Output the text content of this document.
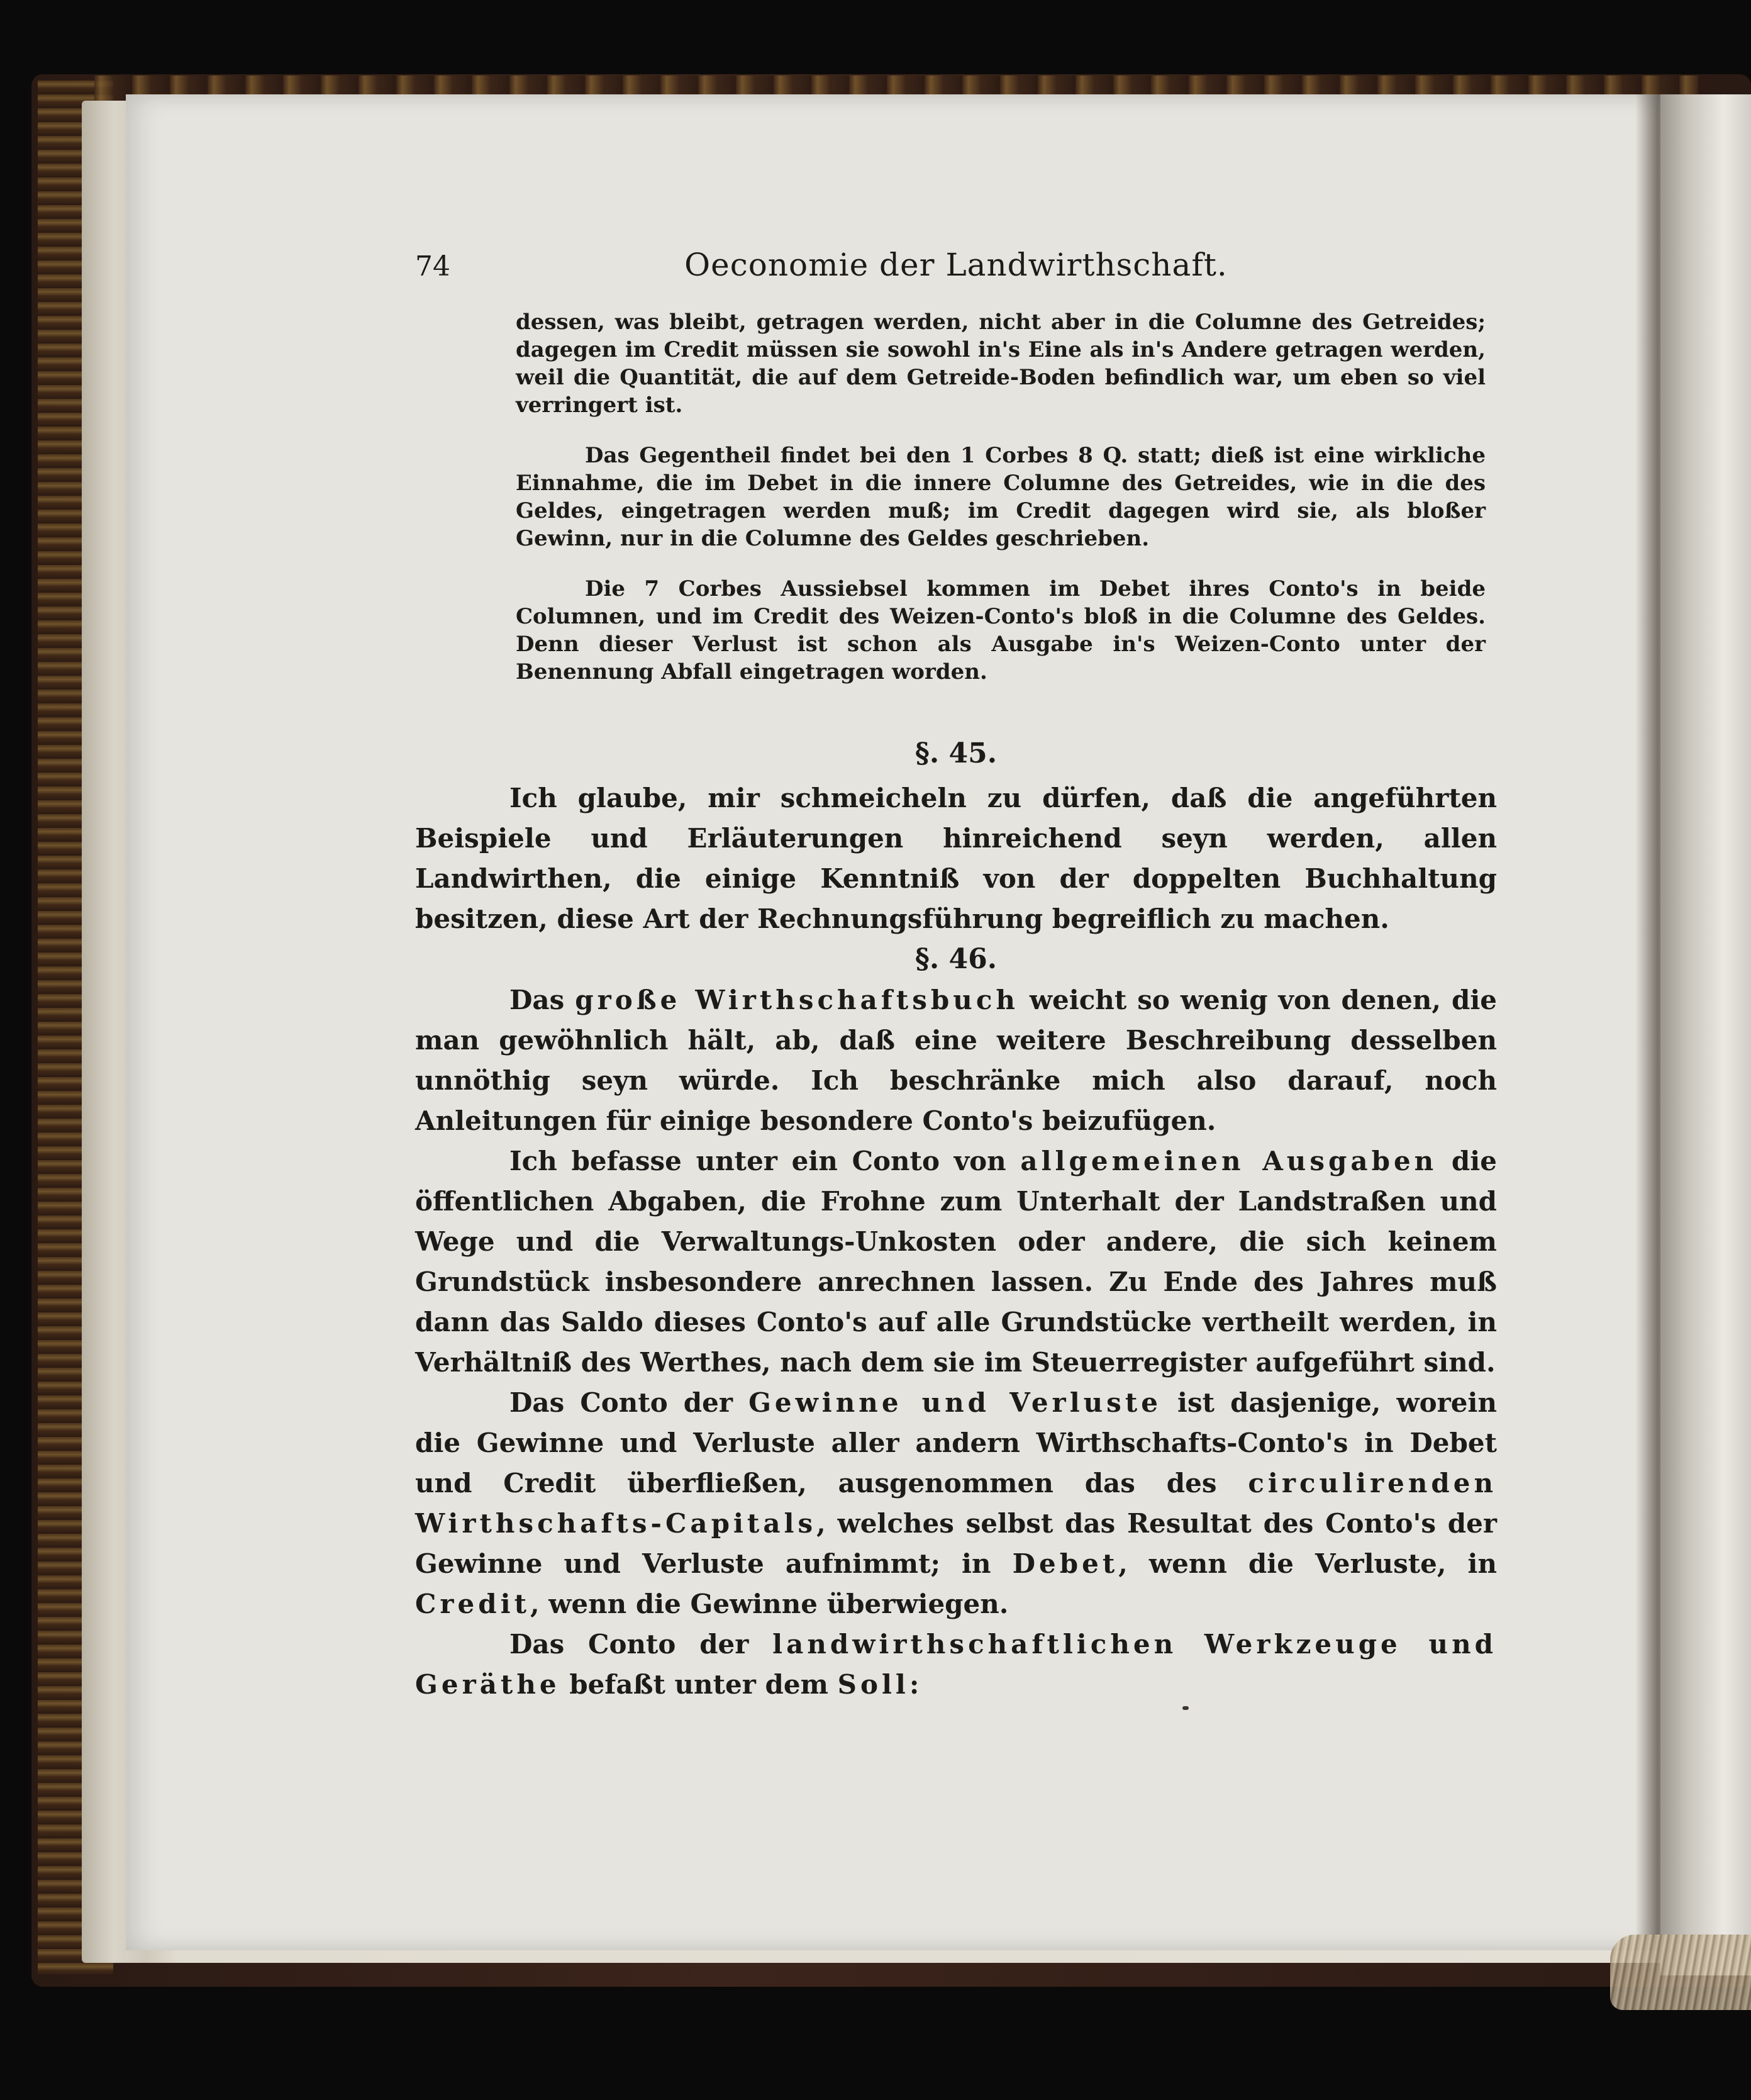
74	Oeconomie der Landwirthschaft.

dessen, was bleibt, getragen werden, nicht aber in die Columne des Getreides; dagegen im Credit müssen sie sowohl in's Eine als in's Andere getragen werden, weil die Quantität, die auf dem Getreide-Boden befindlich war, um eben so viel verringert ist.

Das Gegentheil findet bei den 1 Corbes 8 Q. statt; dieß ist eine wirkliche Einnahme, die im Debet in die innere Columne des Getreides, wie in die des Geldes, eingetragen werden muß; im Credit dagegen wird sie, als bloßer Gewinn, nur in die Columne des Geldes geschrieben.

Die 7 Corbes Aussiebsel kommen im Debet ihres Conto's in beide Columnen, und im Credit des Weizen-Conto's bloß in die Columne des Geldes. Denn dieser Verlust ist schon als Ausgabe in's Weizen-Conto unter der Benennung Abfall eingetragen worden.

§. 45.

Ich glaube, mir schmeicheln zu dürfen, daß die angeführten Beispiele und Erläuterungen hinreichend seyn werden, allen Landwirthen, die einige Kenntniß von der doppelten Buchhaltung besitzen, diese Art der Rechnungsführung begreiflich zu machen.

§. 46.

Das große Wirthschaftsbuch weicht so wenig von denen, die man gewöhnlich hält, ab, daß eine weitere Beschreibung desselben unnöthig seyn würde. Ich beschränke mich also darauf, noch Anleitungen für einige besondere Conto's beizufügen.

Ich befasse unter ein Conto von allgemeinen Ausgaben die öffentlichen Abgaben, die Frohne zum Unterhalt der Landstraßen und Wege und die Verwaltungs-Unkosten oder andere, die sich keinem Grundstück insbesondere anrechnen lassen. Zu Ende des Jahres muß dann das Saldo dieses Conto's auf alle Grundstücke vertheilt werden, in Verhältniß des Werthes, nach dem sie im Steuerregister aufgeführt sind.

Das Conto der Gewinne und Verluste ist dasjenige, worein die Gewinne und Verluste aller andern Wirthschafts-Conto's in Debet und Credit überfließen, ausgenommen das des circulirenden Wirthschafts-Capitals, welches selbst das Resultat des Conto's der Gewinne und Verluste aufnimmt; in Debet, wenn die Verluste, in Credit, wenn die Gewinne überwiegen.

Das Conto der landwirthschaftlichen Werkzeuge und Geräthe befaßt unter dem Soll:
